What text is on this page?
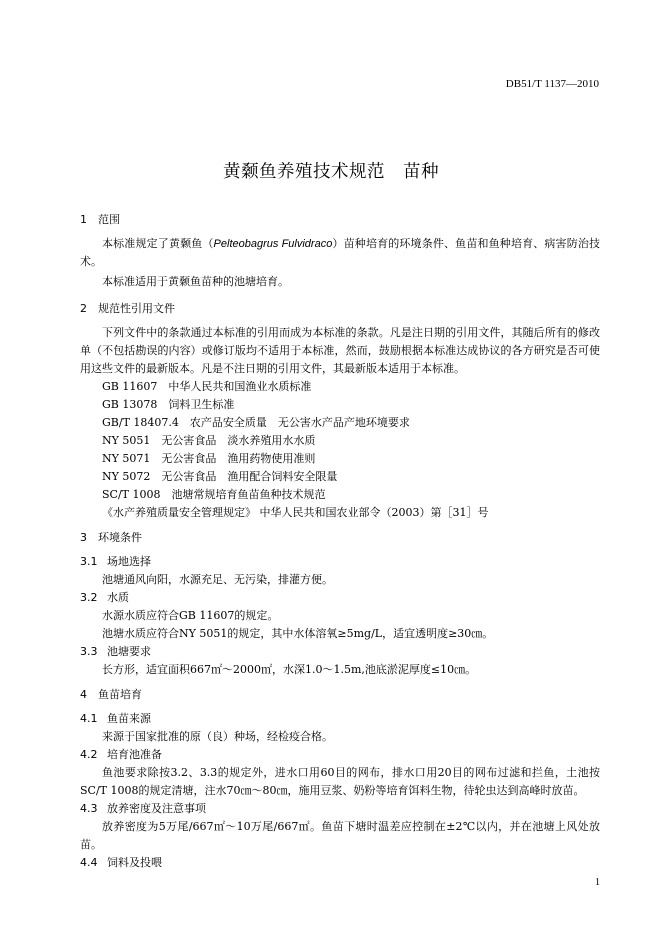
DB51/T 1137—2010
黄颡鱼养殖技术规范　苗种
1 范围
本标准规定了黄颡鱼（Pelteobagrus Fulvidraco）苗种培育的环境条件、鱼苗和鱼种培育、病害防治技术。
本标准适用于黄颡鱼苗种的池塘培育。
2 规范性引用文件
下列文件中的条款通过本标准的引用而成为本标准的条款。凡是注日期的引用文件，其随后所有的修改单（不包括勘误的内容）或修订版均不适用于本标准，然而，鼓励根据本标准达成协议的各方研究是否可使用这些文件的最新版本。凡是不注日期的引用文件，其最新版本适用于本标准。
GB 11607　中华人民共和国渔业水质标准
GB 13078　饲料卫生标准
GB/T 18407.4　农产品安全质量　无公害水产品产地环境要求
NY 5051　无公害食品　淡水养殖用水水质
NY 5071　无公害食品　渔用药物使用准则
NY 5072　无公害食品　渔用配合饲料安全限量
SC/T 1008　池塘常规培育鱼苗鱼种技术规范
《水产养殖质量安全管理规定》 中华人民共和国农业部令（2003）第［31］号
3 环境条件
3.1 场地选择
池塘通风向阳，水源充足、无污染，排灌方便。
3.2 水质
水源水质应符合GB 11607的规定。
池塘水质应符合NY 5051的规定，其中水体溶氧≥5mg/L，适宜透明度≥30㎝。
3.3 池塘要求
长方形，适宜面积667㎡～2000㎡，水深1.0～1.5m,池底淤泥厚度≤10㎝。
4 鱼苗培育
4.1 鱼苗来源
来源于国家批准的原（良）种场，经检疫合格。
4.2 培育池准备
鱼池要求除按3.2、3.3的规定外，进水口用60目的网布，排水口用20目的网布过滤和拦鱼，土池按SC/T 1008的规定清塘，注水70㎝～80㎝，施用豆浆、奶粉等培育饵料生物，待轮虫达到高峰时放苗。
4.3 放养密度及注意事项
放养密度为5万尾/667㎡～10万尾/667㎡。鱼苗下塘时温差应控制在±2℃以内，并在池塘上风处放苗。
4.4 饲料及投喂
1
